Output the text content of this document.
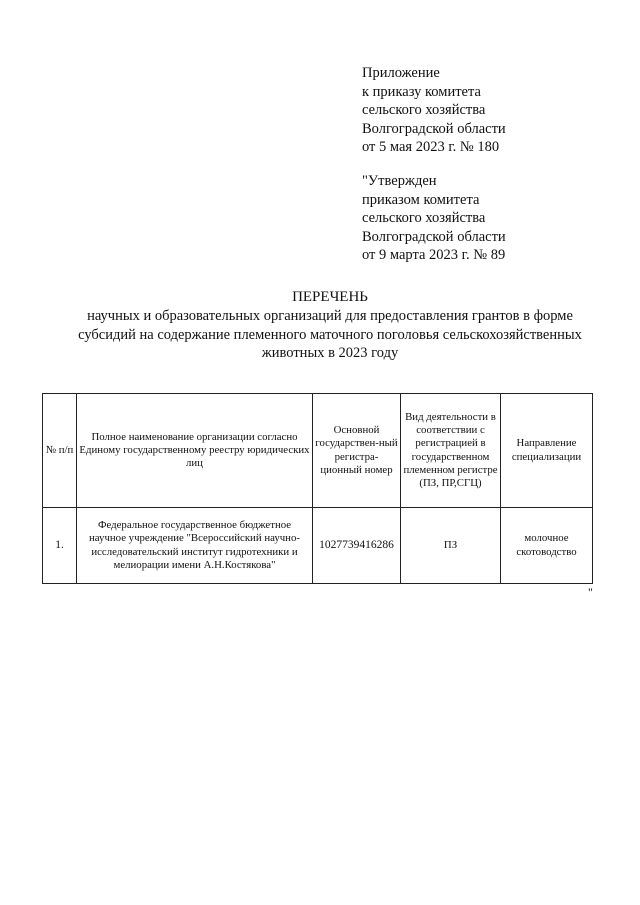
Приложение
к приказу комитета
сельского хозяйства
Волгоградской области
от 5 мая 2023 г. № 180
"Утвержден
приказом комитета
сельского хозяйства
Волгоградской области
от 9 марта 2023 г. № 89
ПЕРЕЧЕНЬ
научных и образовательных организаций для предоставления грантов в форме
субсидий на содержание племенного маточного поголовья сельскохозяйственных
животных в 2023 году
№ п/п	Полное наименование организации согласно Единому государственному реестру юридических лиц	Основной государствен-ный регистра-ционный номер	Вид деятельности в соответствии с регистрацией в государственном племенном регистре (ПЗ, ПР,СГЦ)	Направление специализации
1.	Федеральное государственное бюджетное научное учреждение "Всероссийский научно-исследовательский институт гидротехники и мелиорации имени А.Н.Костякова"	1027739416286	ПЗ	молочное скотоводство
"
